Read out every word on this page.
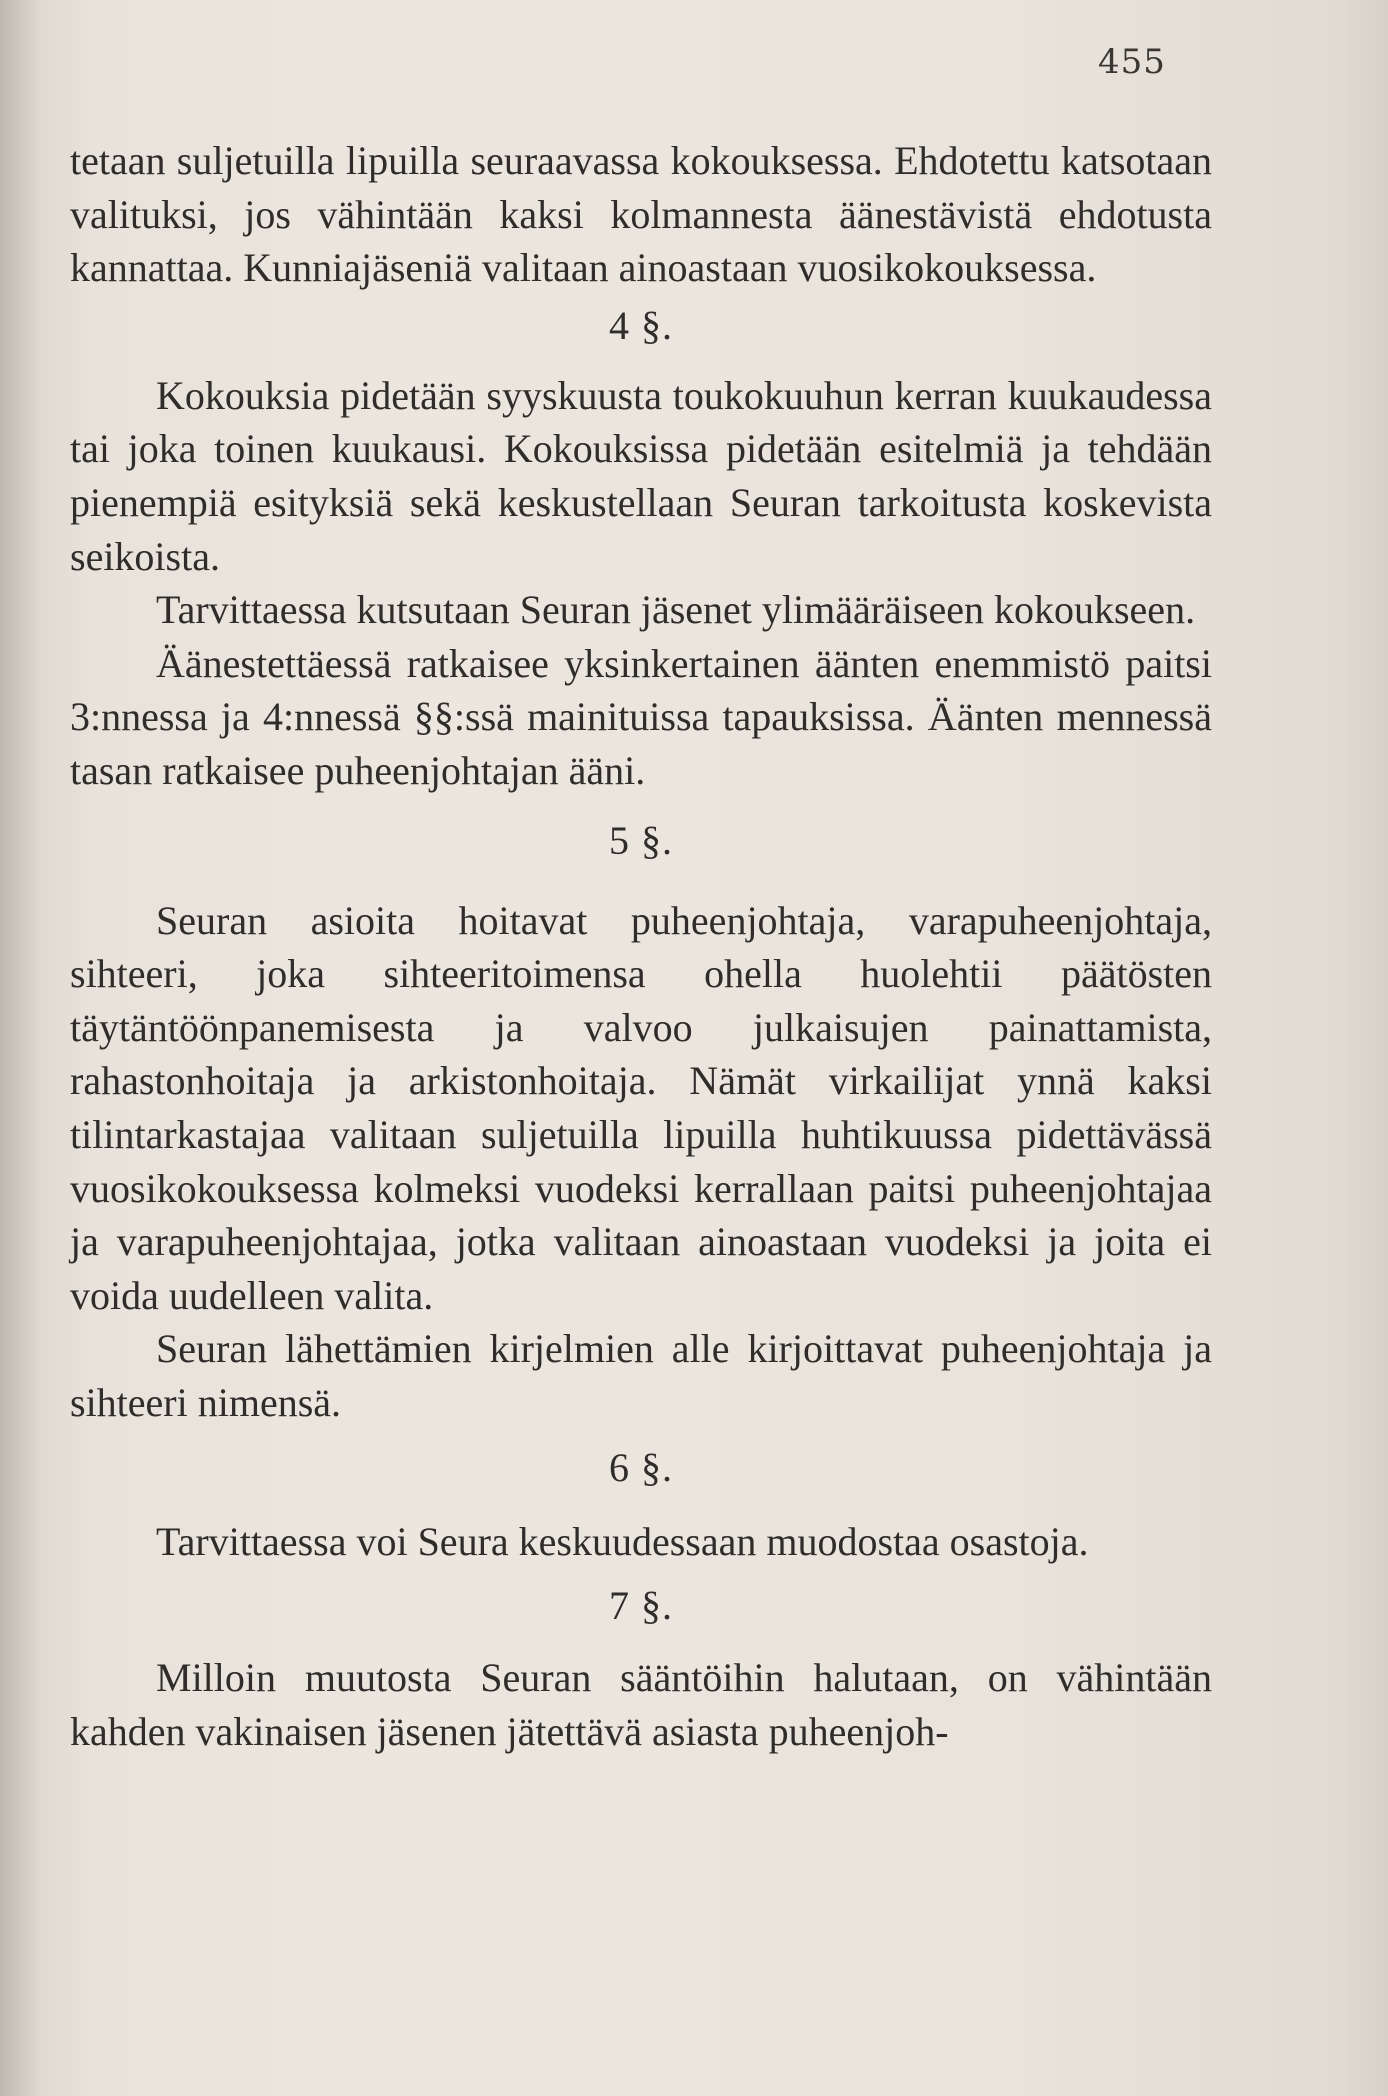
455

tetaan suljetuilla lipuilla seuraavassa kokouksessa. Ehdotettu katsotaan valituksi, jos vähintään kaksi kolmannesta äänestävistä ehdotusta kannattaa. Kunniajäseniä valitaan ainoastaan vuosikokouksessa.

4 §.

Kokouksia pidetään syyskuusta toukokuuhun kerran kuukaudessa tai joka toinen kuukausi. Kokouksissa pidetään esitelmiä ja tehdään pienempiä esityksiä sekä keskustellaan Seuran tarkoitusta koskevista seikoista.

Tarvittaessa kutsutaan Seuran jäsenet ylimääräiseen kokoukseen.

Äänestettäessä ratkaisee yksinkertainen äänten enemmistö paitsi 3:nnessa ja 4:nnessä §§:ssä mainituissa tapauksissa. Äänten mennessä tasan ratkaisee puheenjohtajan ääni.

5 §.

Seuran asioita hoitavat puheenjohtaja, varapuheenjohtaja, sihteeri, joka sihteeritoimensa ohella huolehtii päätösten täytäntöönpanemisesta ja valvoo julkaisujen painattamista, rahastonhoitaja ja arkistonhoitaja. Nämät virkailijat ynnä kaksi tilintarkastajaa valitaan suljetuilla lipuilla huhtikuussa pidettävässä vuosikokouksessa kolmeksi vuodeksi kerrallaan paitsi puheenjohtajaa ja varapuheenjohtajaa, jotka valitaan ainoastaan vuodeksi ja joita ei voida uudelleen valita.

Seuran lähettämien kirjelmien alle kirjoittavat puheenjohtaja ja sihteeri nimensä.

6 §.

Tarvittaessa voi Seura keskuudessaan muodostaa osastoja.

7 §.

Milloin muutosta Seuran sääntöihin halutaan, on vähintään kahden vakinaisen jäsenen jätettävä asiasta puheenjoh-
